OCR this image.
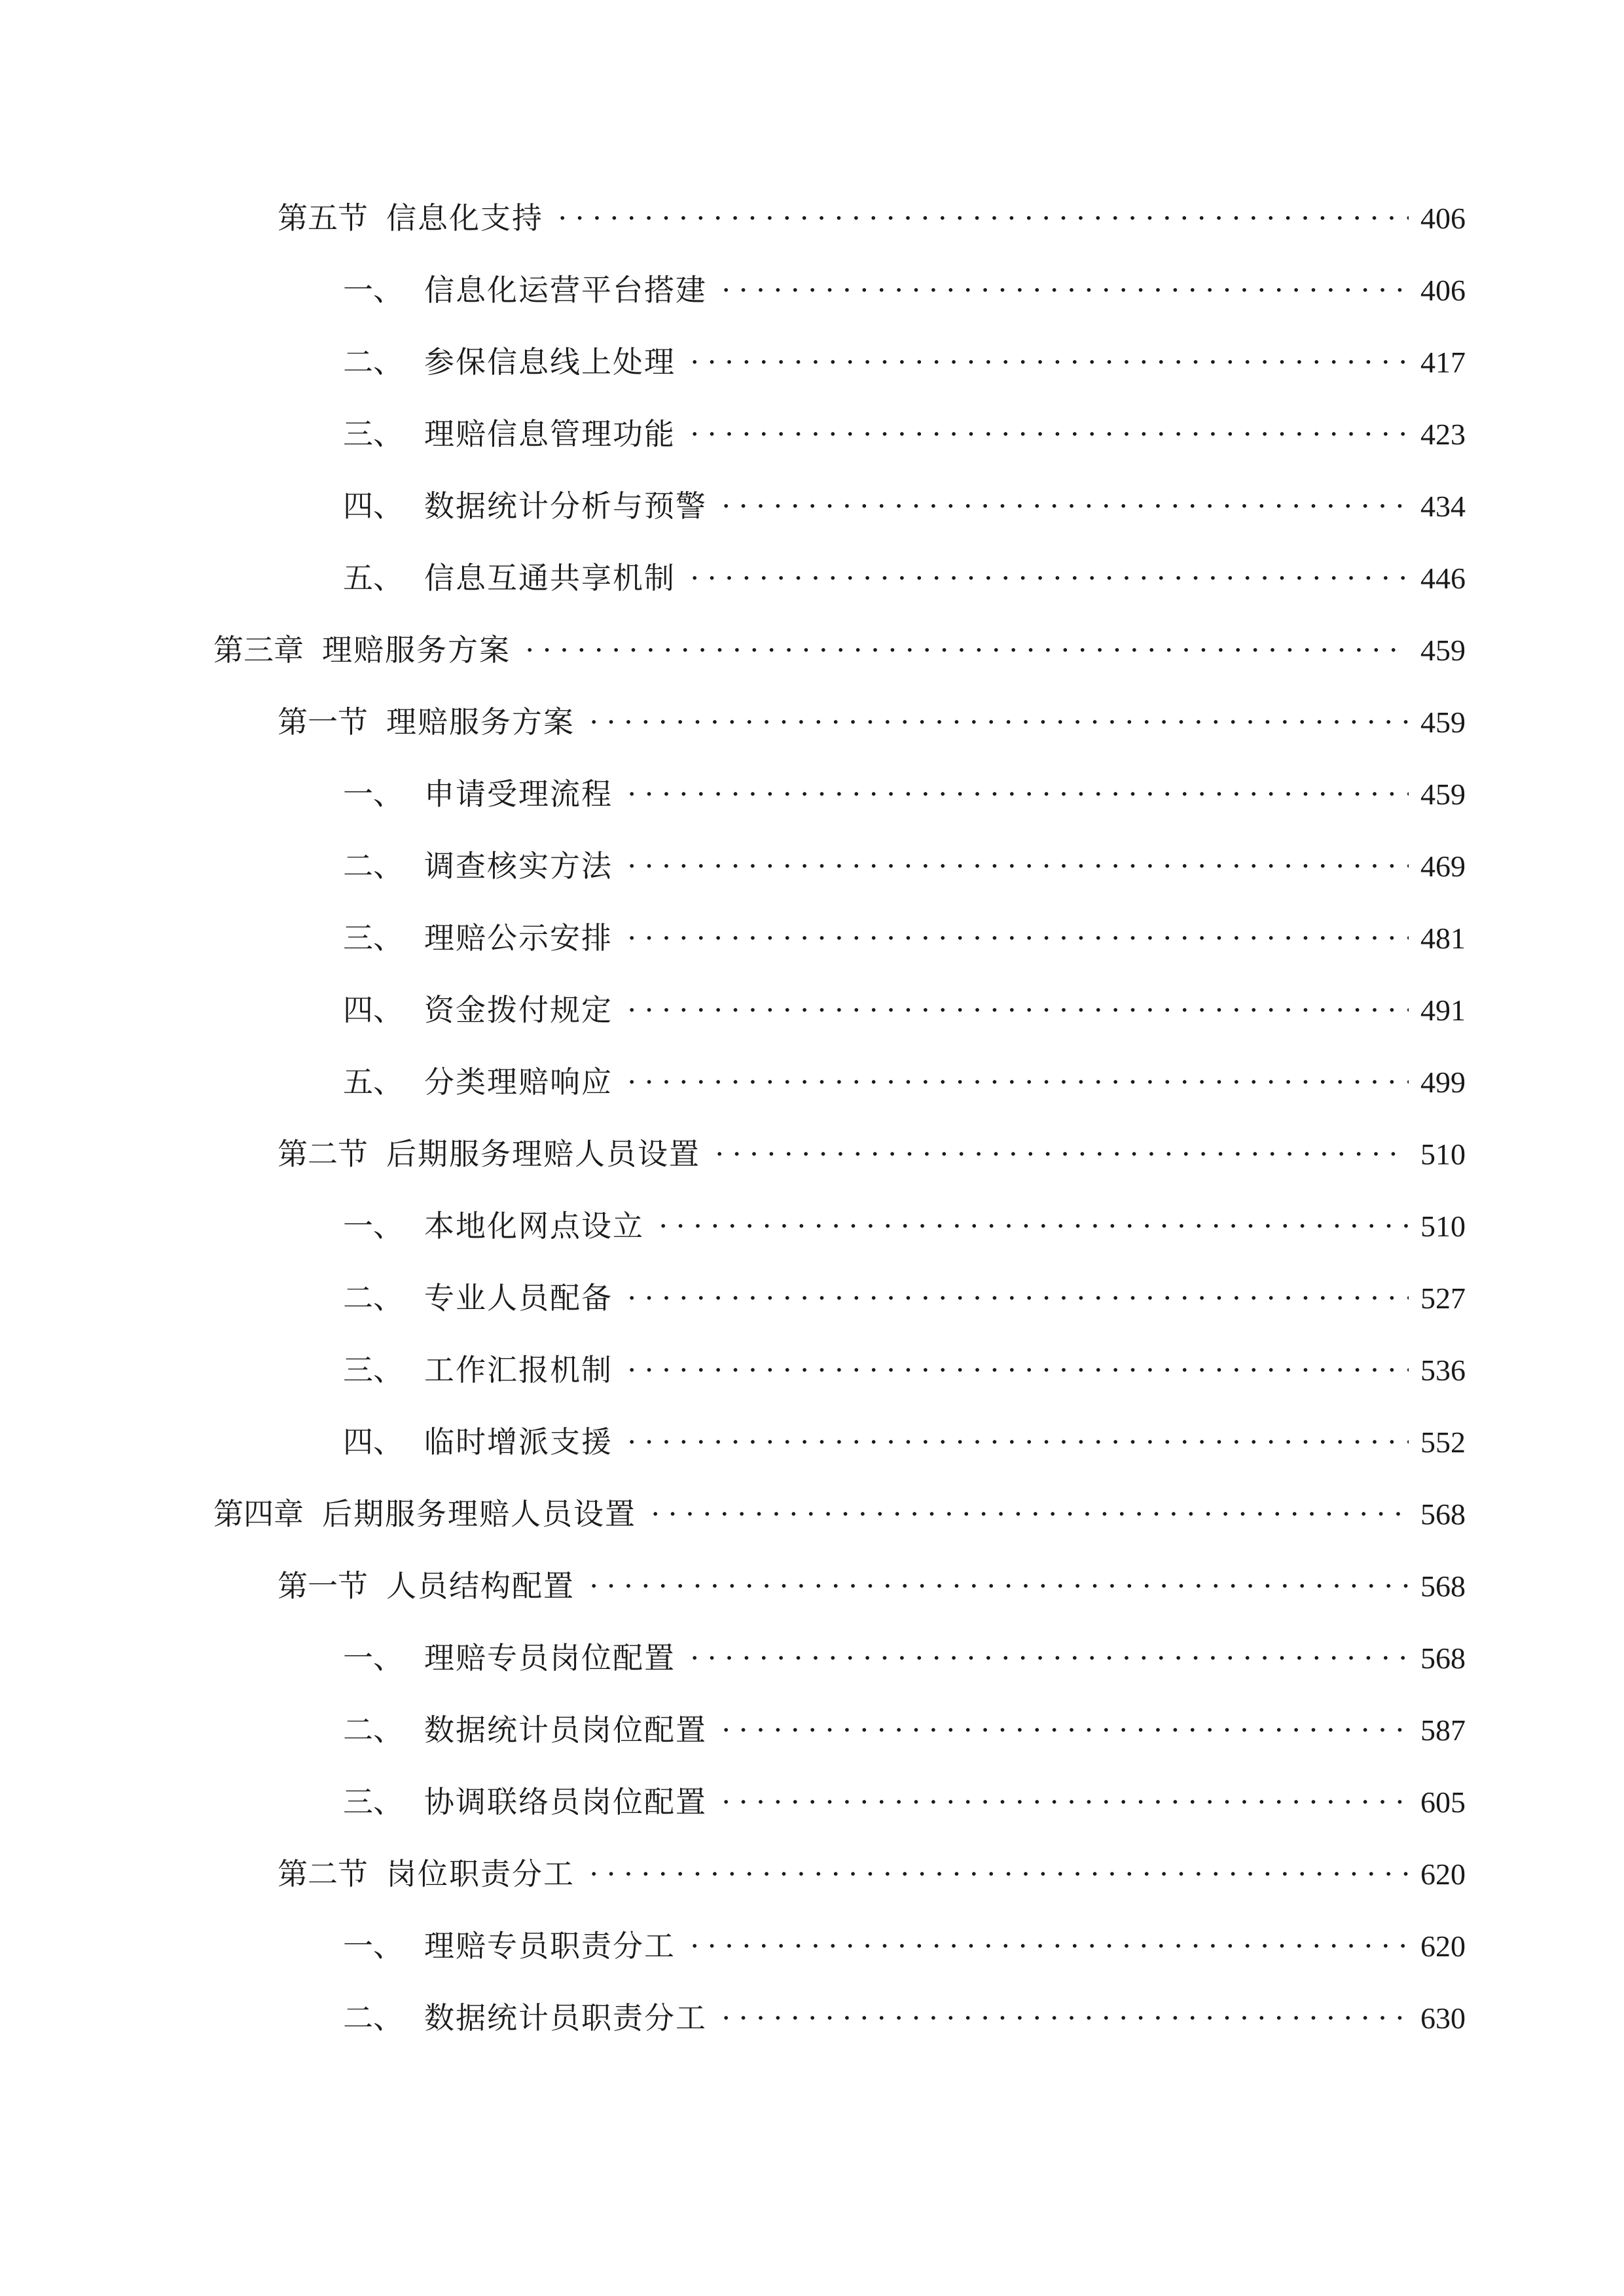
第五节 信息化支持	406
一、 信息化运营平台搭建	406
二、 参保信息线上处理	417
三、 理赔信息管理功能	423
四、 数据统计分析与预警	434
五、 信息互通共享机制	446
第三章 理赔服务方案	459
第一节 理赔服务方案	459
一、 申请受理流程	459
二、 调查核实方法	469
三、 理赔公示安排	481
四、 资金拨付规定	491
五、 分类理赔响应	499
第二节 后期服务理赔人员设置	510
一、 本地化网点设立	510
二、 专业人员配备	527
三、 工作汇报机制	536
四、 临时增派支援	552
第四章 后期服务理赔人员设置	568
第一节 人员结构配置	568
一、 理赔专员岗位配置	568
二、 数据统计员岗位配置	587
三、 协调联络员岗位配置	605
第二节 岗位职责分工	620
一、 理赔专员职责分工	620
二、 数据统计员职责分工	630
